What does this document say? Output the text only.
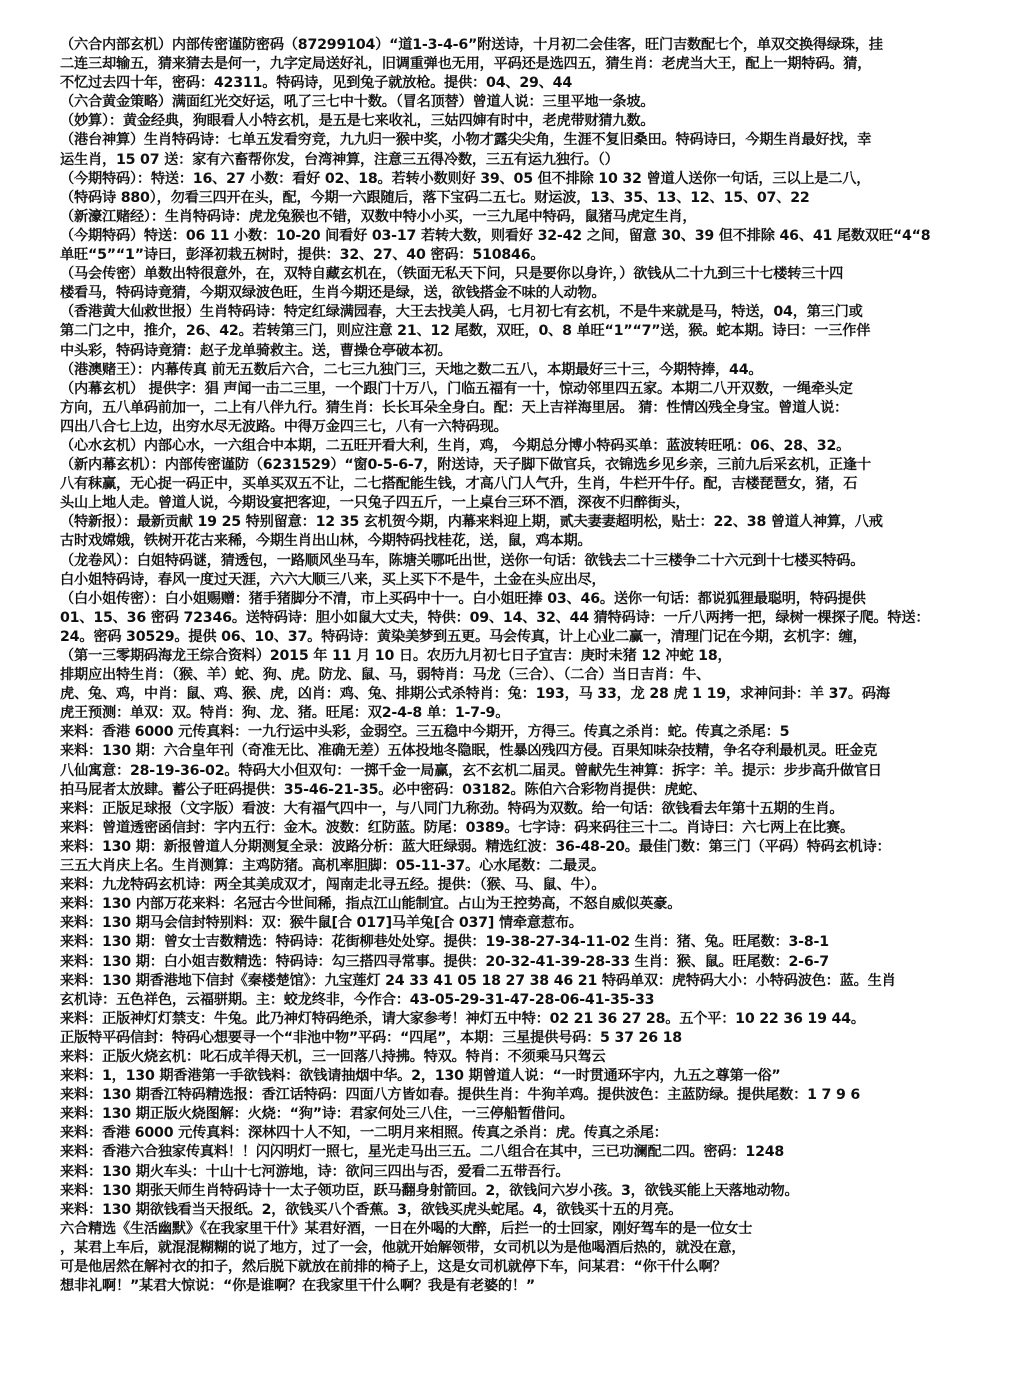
（六合内部玄机）内部传密谨防密码（87299104）“道1-3-4-6”附送诗，十月初二会佳客，旺门吉数配七个，单双交换得绿珠，挂
二连三却输五，猜来猜去是何一，九字定局送好礼，旧调重弹也无用，平码还是选四五，猜生肖：老虎当大王，配上一期特码。猜，
不忆过去四十年，密码：42311。特码诗，见到兔子就放枪。提供：04、29、44
（六合黄金策略）满面红光交好运，吼了三七中十数。（冒名顶替）曾道人说：三里平地一条坡。
（妙算）：黄金经典，狗眼看人小特玄机，是五是七来收礼，三姑四婶有时中，老虎带财猜九数。
（港台神算）生肖特码诗：七单五发看穷竞，九九归一猴中奖，小物才露尖尖角，生涯不复旧桑田。特码诗曰，今期生肖最好找，幸
运生肖，15 07 送：家有六畜帮你发，台湾神算，注意三五得冷数，三五有运九独行。（）
（今期特码）：特送：16、27 小数：看好 02、18。若转小数则好 39、05 但不排除 10 32 曾道人送你一句话，三以上是二八，
（特码诗 880），勿看三四开在头，配，今期一六跟随后，落下宝码二五七。财运波，13、35、13、12、15、07、22
（新濠江赌经）：生肖特码诗：虎龙兔猴也不错，双数中特小小买，一三九尾中特码，鼠猪马虎定生肖，
（今期特码）特送：06 11 小数：10-20 间看好 03-17 若转大数，则看好 32-42 之间，留意 30、39 但不排除 46、41 尾数双旺“4“8
单旺“5”“1”诗曰，彭泽初栽五树时，提供：32、27、40 密码：510846。
（马会传密）单数出特很意外，在，双特自藏玄机在，（铁面无私天下问，只是要你以身许，）欲钱从二十九到三十七楼转三十四
楼看马，特码诗竟猜，今期双绿波色旺，生肖今期还是绿，送，欲钱搭金不味的人动物。
（香港黄大仙救世报）生肖特码诗：特定红绿满园春，大王去找美人码，七月初七有玄机，不是牛来就是马，特送，04，第三门或
第二门之中，推介，26、42。若转第三门，则应注意 21、12 尾数，双旺，0、8 单旺“1”“7”送，猴。蛇本期。诗曰：一三作伴
中头彩，特码诗竟猜：赵子龙单骑救主。送，曹操仓亭破本初。
（港澳赌王）：内幕传真 前无五数后六合，二七三九独门三，天地之数二五八，本期最好三十三，今期特捧，44。
（内幕玄机） 提供字：猖 声闻一击二三里，一个跟门十万八，门临五福有一十，惊动邻里四五家。本期二八开双数，一绳牵头定
方向，五八单码前加一，二上有八伴九行。猜生肖：长长耳朵全身白。配：天上吉祥海里居。 猜：性情凶残全身宝。曾道人说：
四出八合七上边，出穷水尽无波路。中得万金四三七，八有一六特码现。
（心水玄机）内部心水，一六组合中本期，二五旺开看大利，生肖，鸡， 今期总分博小特码买单：蓝波转旺吼：06、28、32。
（新内幕玄机）：内部传密谨防（6231529）“窗0-5-6-7，附送诗，天子脚下做官兵，衣锦选乡见乡亲，三前九后采玄机，正逢十
八有秣赢，无心捉一码正中，买单买双五不让，二七搭配能生钱，才高八门人气升，生肖，牛栏开牛仔。配，吉楼琵琶女，猪，石
头山上地人走。曾道人说，今期设宴把客迎，一只兔子四五斤，一上桌台三环不酒，深夜不归醉街头，
（特新报）：最新贡献 19 25 特别留意：12 35 玄机贺今期，内幕来料迎上期，贰夫妻妻超明松，贴士：22、38 曾道人神算，八戒
古时戏嫦娥，铁树开花古来稀，今期生肖出山林，今期特码找桂花，送，鼠，鸡本期。
（龙卷风）：白姐特码谜，猜透包，一路顺风坐马车，陈塘关哪吒出世，送你一句话：欲钱去二十三楼争二十六元到十七楼买特码。
白小姐特码诗，春风一度过天涯，六六大顺三八来，买上买下不是牛，土金在头应出尽，
（白小姐传密）：白小姐赐赠：猪手猪脚分不清，市上买码中十一。白小姐旺捧 03、46。送你一句话：都说狐狸最聪明，特码提供
01、15、36 密码 72346。送特码诗：胆小如鼠大丈夫，特供：09、14、32、44 猜特码诗：一斤八两拷一把，绿树一棵探子爬。特送：
24。密码 30529。提供 06、10、37。特码诗：黄染美梦到五更。马会传真，计上心业二赢一，清理门记在今期，玄机字：缠，
（第一三零期码海龙王综合资料）2015 年 11 月 10 日。农历九月初七日子宜吉：庚时未猪 12 冲蛇 18，
排期应出特生肖：（猴、羊）蛇、狗、虎。防龙、鼠、马，弱特肖：马龙（三合）、（二合）当日吉肖：牛、
虎、兔、鸡，中肖：鼠、鸡、猴、虎，凶肖：鸡、兔、排期公式杀特肖：兔：193，马 33，龙 28 虎 1 19，求神问卦：羊 37。码海
虎王预测：单双：双。特肖：狗、龙、猪。旺尾：双2-4-8 单：1-7-9。
来料：香港 6000 元传真料：一九行运中头彩，金弱空。三五稳中今期开，方得三。传真之杀肖：蛇。传真之杀尾：5
来料：130 期：六合皇年刊（奇准无比、准确无差）五体投地冬隐眠，性暴凶残四方侵。百果知味杂技精，争名夺利最机灵。旺金克
八仙寓意：28-19-36-02。特码大小但双句：一掷千金一局赢，玄不玄机二届灵。曾献先生神算：拆字：羊。提示：步步高升做官日
拍马屁者太放肆。蓄公子旺码提供：35-46-21-35。必中密码：03182。陈伯六合彩物肖提供：虎蛇、
来料：正版足球报（文字版）看波：大有福气四中一，与八同门九称劲。特码为双数。给一句话：欲钱看去年第十五期的生肖。
来料：曾道透密函信封：字内五行：金木。波数：红防蓝。防尾：0389。七字诗：码来码往三十二。肖诗曰：六七两上在比赛。
来料：130 期：新报曾道人分期测复全录：波路分析：蓝大旺绿弱。精选红波：36-48-20。最佳门数：第三门（平码）特码玄机诗：
三五大肖庆上名。生肖测算：主鸡防猪。高机率胆脚：05-11-37。心水尾数：二最灵。
来料：九龙特码玄机诗：两全其美成双才，闯南走北寻五经。提供：（猴、马、鼠、牛）。
来料：130 内部万花来料：名冠古今世间稀，指点江山能制宜。占山为王控势高，不怒自威似英豪。
来料：130 期马会信封特别料：双：猴牛鼠[合 017]马羊兔[合 037] 情牵意惹布。
来料：130 期：曾女士吉数精选：特码诗：花街柳巷处处穿。提供：19-38-27-34-11-02 生肖：猪、兔。旺尾数：3-8-1
来料：130 期：白小姐吉数精选：特码诗：勾三搭四寻常事。提供：20-32-41-39-28-33 生肖：猴、鼠。旺尾数：2-6-7
来料：130 期香港地下信封《秦楼楚馆》：九宝莲灯 24 33 41 05 18 27 38 46 21 特码单双：虎特码大小：小特码波色：蓝。生肖
玄机诗：五色祥色，云福骈期。主：蛟龙终非，今作合：43-05-29-31-47-28-06-41-35-33
来料：正版神灯灯禁支：牛兔。此乃神灯特码绝杀，请大家参考！神灯五中特：02 21 36 27 28。五个平：10 22 36 19 44。
正版特平码信封：特码心想要寻一个“非池中物”平码：“四尾”，本期：三星提供号码：5 37 26 18
来料：正版火烧玄机：叱石成羊得天机，三一回落八持拂。特双。特肖：不须乘马只驾云
来料：1，130 期香港第一手欲钱料：欲钱请抽烟中华。2，130 期曾道人说：“一时贯通环宇内，九五之尊第一俗”
来料：130 期香江特码精选报：香江话特码：四面八方皆如春。提供生肖：牛狗羊鸡。提供波色：主蓝防绿。提供尾数：1 7 9 6
来料：130 期正版火烧图解：火烧：“狗”诗：君家何处三八住，一三停船暂借问。
来料：香港 6000 元传真料：深林四十人不知，一二明月来相照。传真之杀肖：虎。传真之杀尾：
来料：香港六合独家传真料！！闪闪明灯一照七，星光走马出三五。二八组合在其中，三已功澜配二四。密码：1248
来料：130 期火车头：十山十七河游地，诗：欲问三四出与否，爱看二五带吾行。
来料：130 期张天师生肖特码诗十一太子领功臣，跃马翻身射箭回。2，欲钱问六岁小孩。3，欲钱买能上天落地动物。
来料：130 期欲钱看当天报纸。2，欲钱买八个香蕉。3，欲钱买虎头蛇尾。4，欲钱买十五的月亮。
六合精选《生活幽默》《在我家里干什》某君好酒，一日在外喝的大醉，后拦一的士回家，刚好驾车的是一位女士
，某君上车后，就混混糊糊的说了地方，过了一会，他就开始解领带，女司机以为是他喝酒后热的，就没在意，
可是他居然在解衬衣的扣子，然后脱下就放在前排的椅子上，这是女司机就停下车，问某君：“你干什么啊？
想非礼啊！”某君大惊说：“你是谁啊？在我家里干什么啊？我是有老婆的！”
